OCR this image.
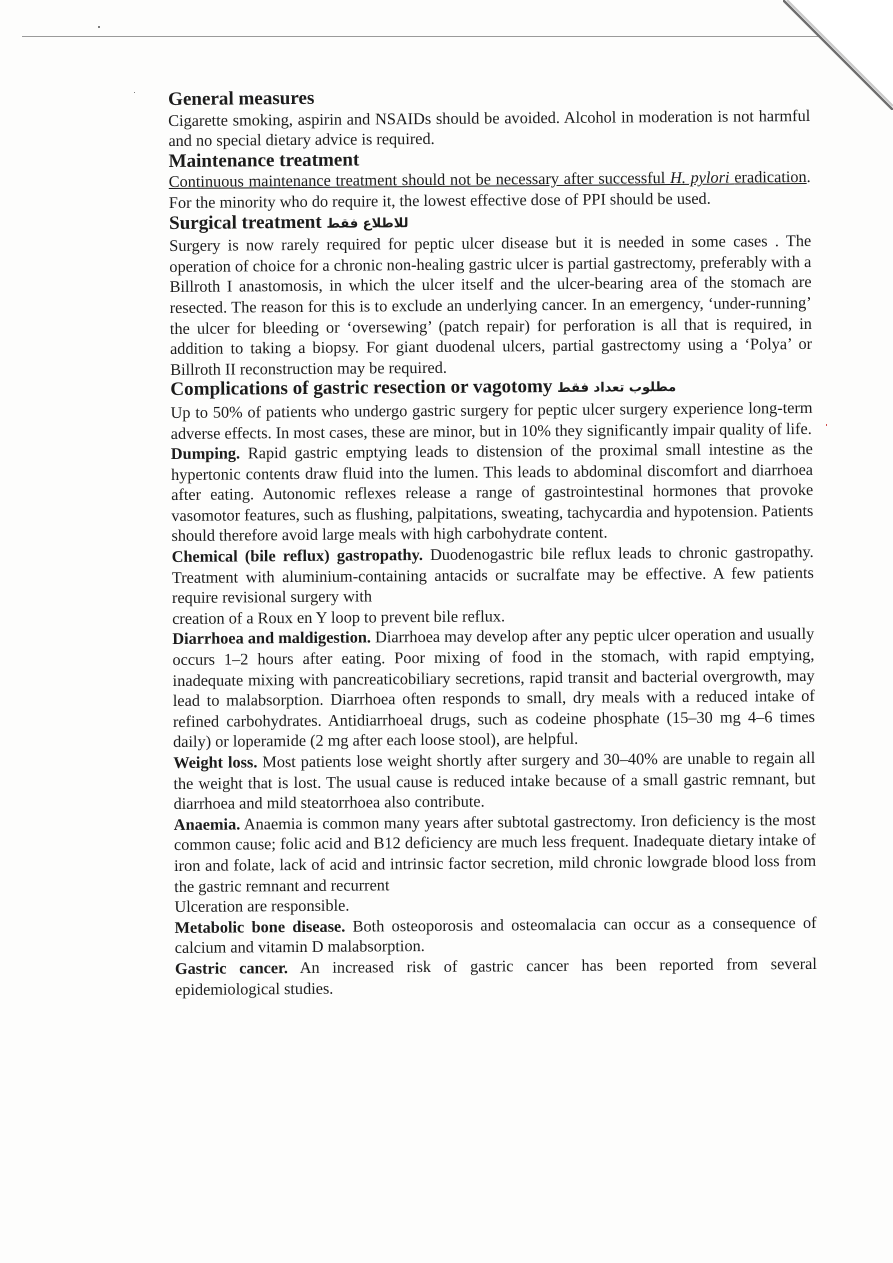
General measures

Cigarette smoking, aspirin and NSAIDs should be avoided. Alcohol in moderation is not harmful and no special dietary advice is required.

Maintenance treatment

Continuous maintenance treatment should not be necessary after successful H. pylori eradication. For the minority who do require it, the lowest effective dose of PPI should be used.

Surgical treatment للاطلاع فقط

Surgery is now rarely required for peptic ulcer disease but it is needed in some cases . The operation of choice for a chronic non-healing gastric ulcer is partial gastrectomy, preferably with a Billroth I anastomosis, in which the ulcer itself and the ulcer-bearing area of the stomach are resected. The reason for this is to exclude an underlying cancer. In an emergency, ‘under-running’ the ulcer for bleeding or ‘oversewing’ (patch repair) for perforation is all that is required, in addition to taking a biopsy. For giant duodenal ulcers, partial gastrectomy using a ‘Polya’ or Billroth II reconstruction may be required.

Complications of gastric resection or vagotomy مطلوب تعداد فقط

Up to 50% of patients who undergo gastric surgery for peptic ulcer surgery experience long-term adverse effects. In most cases, these are minor, but in 10% they significantly impair quality of life.

Dumping. Rapid gastric emptying leads to distension of the proximal small intestine as the hypertonic contents draw fluid into the lumen. This leads to abdominal discomfort and diarrhoea after eating. Autonomic reflexes release a range of gastrointestinal hormones that provoke vasomotor features, such as flushing, palpitations, sweating, tachycardia and hypotension. Patients should therefore avoid large meals with high carbohydrate content.

Chemical (bile reflux) gastropathy. Duodenogastric bile reflux leads to chronic gastropathy. Treatment with aluminium-containing antacids or sucralfate may be effective. A few patients require revisional surgery with

creation of a Roux en Y loop to prevent bile reflux.

Diarrhoea and maldigestion. Diarrhoea may develop after any peptic ulcer operation and usually occurs 1–2 hours after eating. Poor mixing of food in the stomach, with rapid emptying, inadequate mixing with pancreaticobiliary secretions, rapid transit and bacterial overgrowth, may lead to malabsorption. Diarrhoea often responds to small, dry meals with a reduced intake of refined carbohydrates. Antidiarrhoeal drugs, such as codeine phosphate (15–30 mg 4–6 times daily) or loperamide (2 mg after each loose stool), are helpful.

Weight loss. Most patients lose weight shortly after surgery and 30–40% are unable to regain all the weight that is lost. The usual cause is reduced intake because of a small gastric remnant, but diarrhoea and mild steatorrhoea also contribute.

Anaemia. Anaemia is common many years after subtotal gastrectomy. Iron deficiency is the most common cause; folic acid and B12 deficiency are much less frequent. Inadequate dietary intake of iron and folate, lack of acid and intrinsic factor secretion, mild chronic lowgrade blood loss from the gastric remnant and recurrent

Ulceration are responsible.

Metabolic bone disease. Both osteoporosis and osteomalacia can occur as a consequence of calcium and vitamin D malabsorption.

Gastric cancer. An increased risk of gastric cancer has been reported from several epidemiological studies.
